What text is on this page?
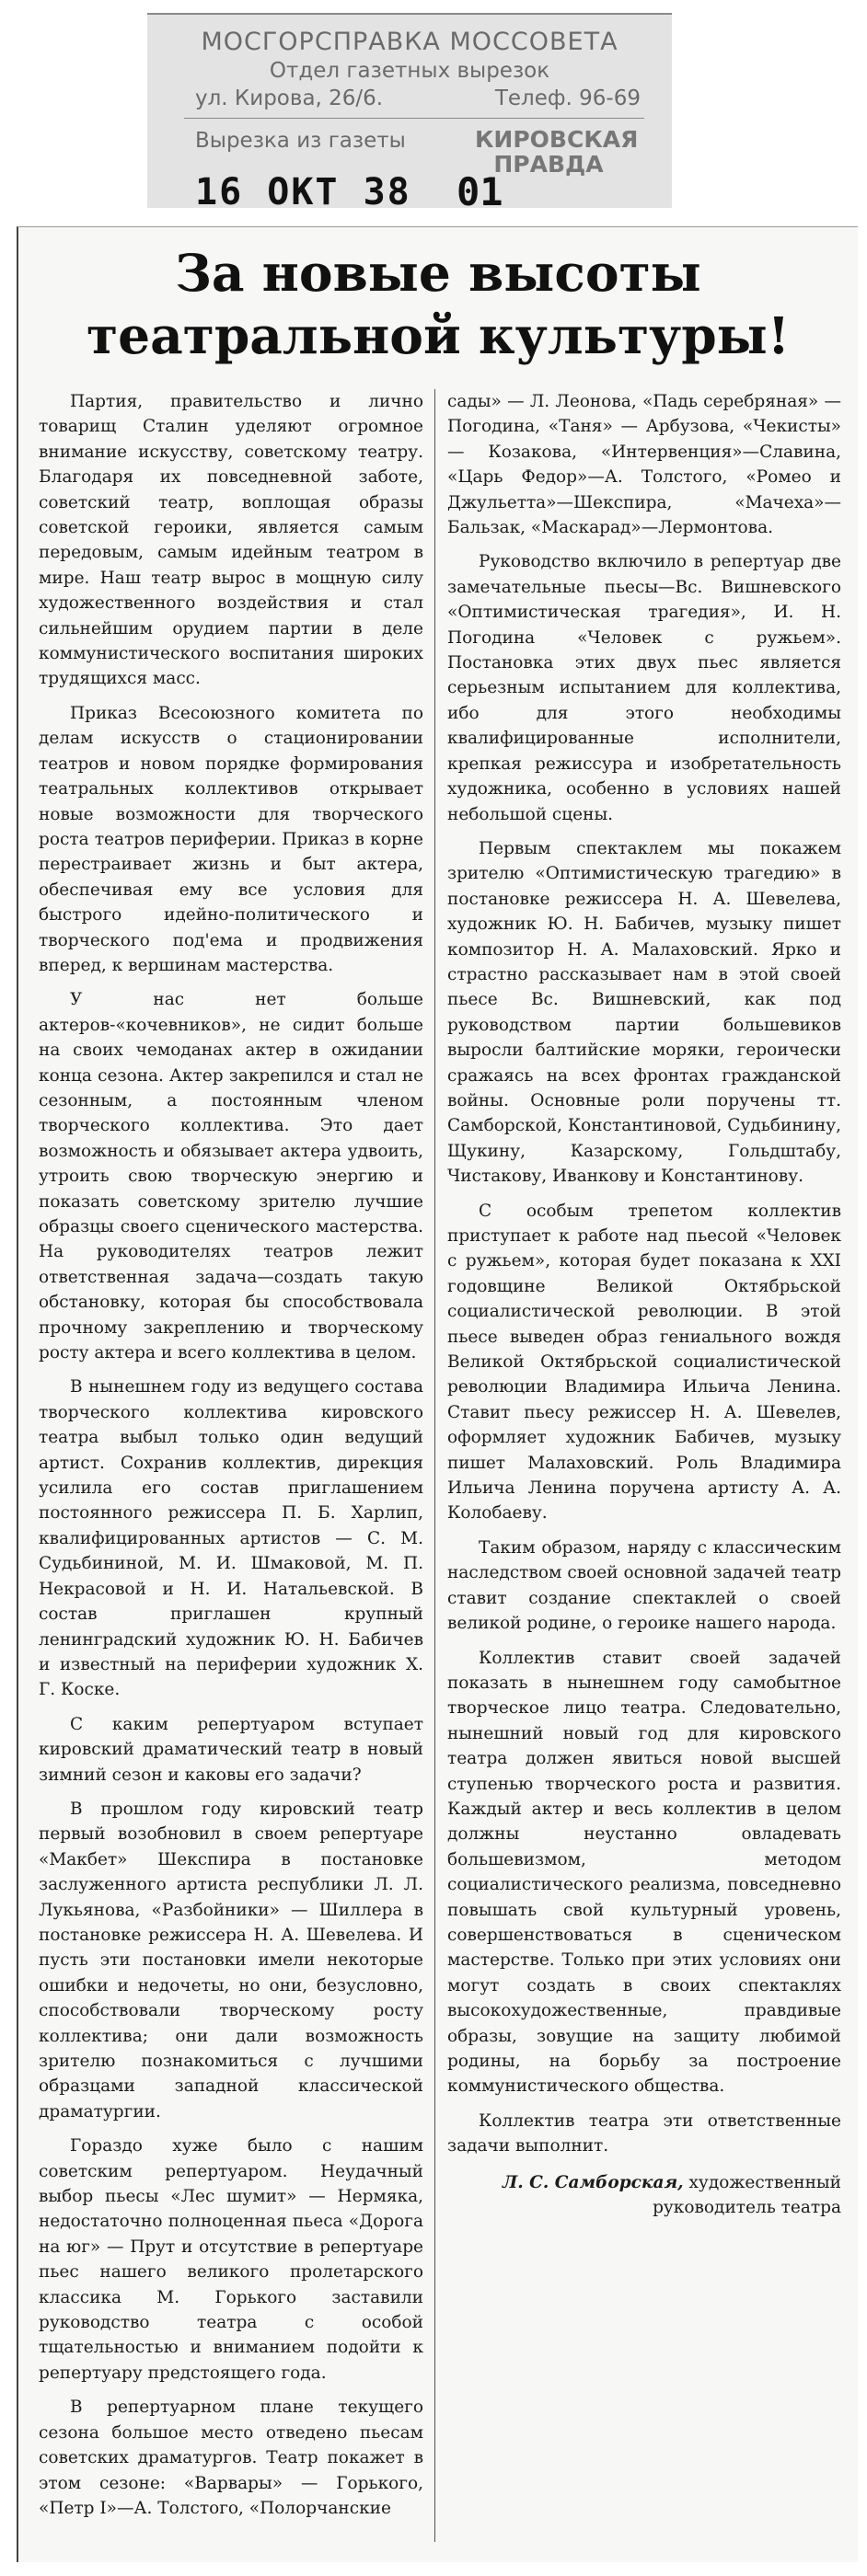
МОСГОРСПРАВКА МОССОВЕТА
Отдел газетных вырезок
ул. Кирова, 26/6.	Телеф. 96-69
Вырезка из газеты	КИРОВСКАЯ
ПРАВДА
16 ОКТ 38 01
За новые высоты
театральной культуры!

Партия, правительство и лично товарищ Сталин уделяют огромное внимание искусству, советскому театру. Благодаря их повседневной заботе, советский театр, воплощая образы советской героики, является самым передовым, самым идейным театром в мире. Наш театр вырос в мощную силу художественного воздействия и стал сильнейшим орудием партии в деле коммунистического воспитания широких трудящихся масс.

Приказ Всесоюзного комитета по делам искусств о стационировании театров и новом порядке формирования театральных коллективов открывает новые возможности для творческого роста театров периферии. Приказ в корне перестраивает жизнь и быт актера, обеспечивая ему все условия для быстрого идейно-политического и творческого под'ема и продвижения вперед, к вершинам мастерства.

У нас нет больше актеров-«кочевников», не сидит больше на своих чемоданах актер в ожидании конца сезона. Актер закрепился и стал не сезонным, а постоянным членом творческого коллектива. Это дает возможность и обязывает актера удвоить, утроить свою творческую энергию и показать советскому зрителю лучшие образцы своего сценического мастерства. На руководителях театров лежит ответственная задача—создать такую обстановку, которая бы способствовала прочному закреплению и творческому росту актера и всего коллектива в целом.

В нынешнем году из ведущего состава творческого коллектива кировского театра выбыл только один ведущий артист. Сохранив коллектив, дирекция усилила его состав приглашением постоянного режиссера П. Б. Харлип, квалифицированных артистов — С. М. Судьбининой, М. И. Шмаковой, М. П. Некрасовой и Н. И. Натальевской. В состав приглашен крупный ленинградский художник Ю. Н. Бабичев и известный на периферии художник Х. Г. Коске.

С каким репертуаром вступает кировский драматический театр в новый зимний сезон и каковы его задачи?

В прошлом году кировский театр первый возобновил в своем репертуаре «Макбет» Шекспира в постановке заслуженного артиста республики Л. Л. Лукьянова, «Разбойники» — Шиллера в постановке режиссера Н. А. Шевелева. И пусть эти постановки имели некоторые ошибки и недочеты, но они, безусловно, способствовали творческому росту коллектива; они дали возможность зрителю познакомиться с лучшими образцами западной классической драматургии.

Гораздо хуже было с нашим советским репертуаром. Неудачный выбор пьесы «Лес шумит» — Нермяка, недостаточно полноценная пьеса «Дорога на юг» — Прут и отсутствие в репертуаре пьес нашего великого пролетарского классика М. Горького заставили руководство театра с особой тщательностью и вниманием подойти к репертуару предстоящего года.

В репертуарном плане текущего сезона большое место отведено пьесам советских драматургов. Театр покажет в этом сезоне: «Варвары» — Горького, «Петр I»—А. Толстого, «Полорчанские

сады» — Л. Леонова, «Падь серебряная» — Погодина, «Таня» — Арбузова, «Чекисты» — Козакова, «Интервенция»—Славина, «Царь Федор»—А. Толстого, «Ромео и Джульетта»—Шекспира, «Мачеха»—Бальзак, «Маскарад»—Лермонтова.

Руководство включило в репертуар две замечательные пьесы—Вс. Вишневского «Оптимистическая трагедия», И. Н. Погодина «Человек с ружьем». Постановка этих двух пьес является серьезным испытанием для коллектива, ибо для этого необходимы квалифицированные исполнители, крепкая режиссура и изобретательность художника, особенно в условиях нашей небольшой сцены.

Первым спектаклем мы покажем зрителю «Оптимистическую трагедию» в постановке режиссера Н. А. Шевелева, художник Ю. Н. Бабичев, музыку пишет композитор Н. А. Малаховский. Ярко и страстно рассказывает нам в этой своей пьесе Вс. Вишневский, как под руководством партии большевиков выросли балтийские моряки, героически сражаясь на всех фронтах гражданской войны. Основные роли поручены тт. Самборской, Константиновой, Судьбинину, Щукину, Казарскому, Гольдштабу, Чистакову, Иванкову и Константинову.

С особым трепетом коллектив приступает к работе над пьесой «Человек с ружьем», которая будет показана к XXI годовщине Великой Октябрьской социалистической революции. В этой пьесе выведен образ гениального вождя Великой Октябрьской социалистической революции Владимира Ильича Ленина. Ставит пьесу режиссер Н. А. Шевелев, оформляет художник Бабичев, музыку пишет Малаховский. Роль Владимира Ильича Ленина поручена артисту А. А. Колобаеву.

Таким образом, наряду с классическим наследством своей основной задачей театр ставит создание спектаклей о своей великой родине, о героике нашего народа.

Коллектив ставит своей задачей показать в нынешнем году самобытное творческое лицо театра. Следовательно, нынешний новый год для кировского театра должен явиться новой высшей ступенью творческого роста и развития. Каждый актер и весь коллектив в целом должны неустанно овладевать большевизмом, методом социалистического реализма, повседневно повышать свой культурный уровень, совершенствоваться в сценическом мастерстве. Только при этих условиях они могут создать в своих спектаклях высокохудожественные, правдивые образы, зовущие на защиту любимой родины, на борьбу за построение коммунистического общества.

Коллектив театра эти ответственные задачи выполнит.

Л. С. Самборская, художественный руководитель театра
